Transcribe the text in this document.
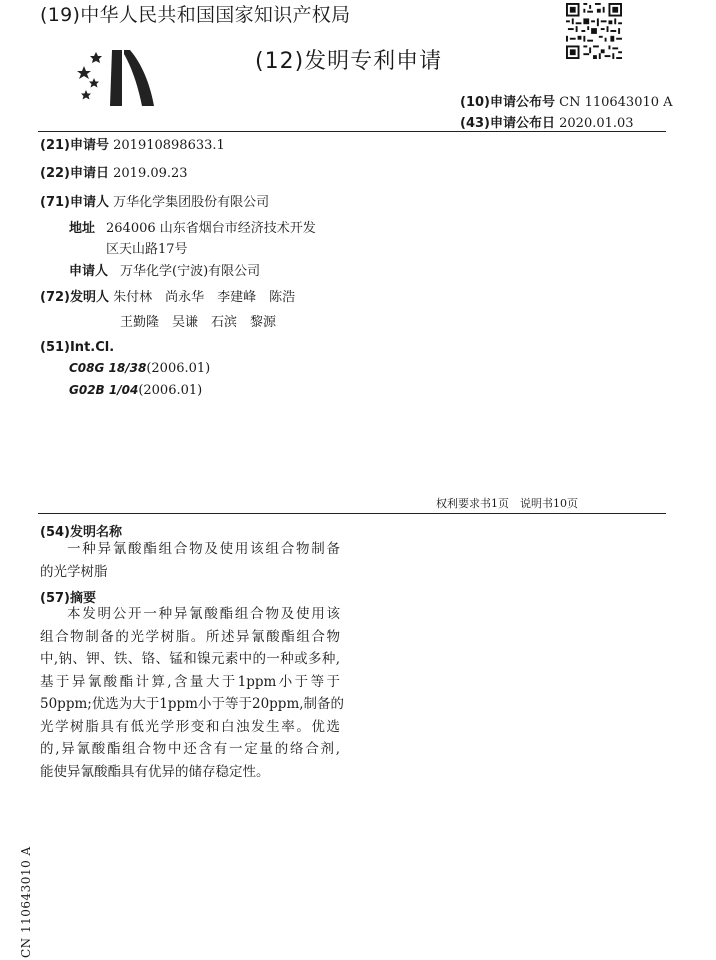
(19)中华人民共和国国家知识产权局
(12)发明专利申请
(10)申请公布号 CN 110643010 A
(43)申请公布日 2020.01.03
(21)申请号 201910898633.1
(22)申请日 2019.09.23
(71)申请人 万华化学集团股份有限公司
地址 264006 山东省烟台市经济技术开发
区天山路17号
申请人 万华化学(宁波)有限公司
(72)发明人 朱付林　尚永华　李建峰　陈浩
王勤隆　吴谦　石滨　黎源
(51)Int.Cl.
C08G 18/38(2006.01)
G02B 1/04(2006.01)
权利要求书1页　说明书10页
(54)发明名称
一种异氰酸酯组合物及使用该组合物制备
的光学树脂
(57)摘要
本发明公开一种异氰酸酯组合物及使用该
组合物制备的光学树脂。所述异氰酸酯组合物
中,钠、钾、铁、铬、锰和镍元素中的一种或多种,
基于异氰酸酯计算,含量大于1ppm小于等于
50ppm;优选为大于1ppm小于等于20ppm,制备的
光学树脂具有低光学形变和白浊发生率。优选
的,异氰酸酯组合物中还含有一定量的络合剂,
能使异氰酸酯具有优异的储存稳定性。
CN 110643010 A
